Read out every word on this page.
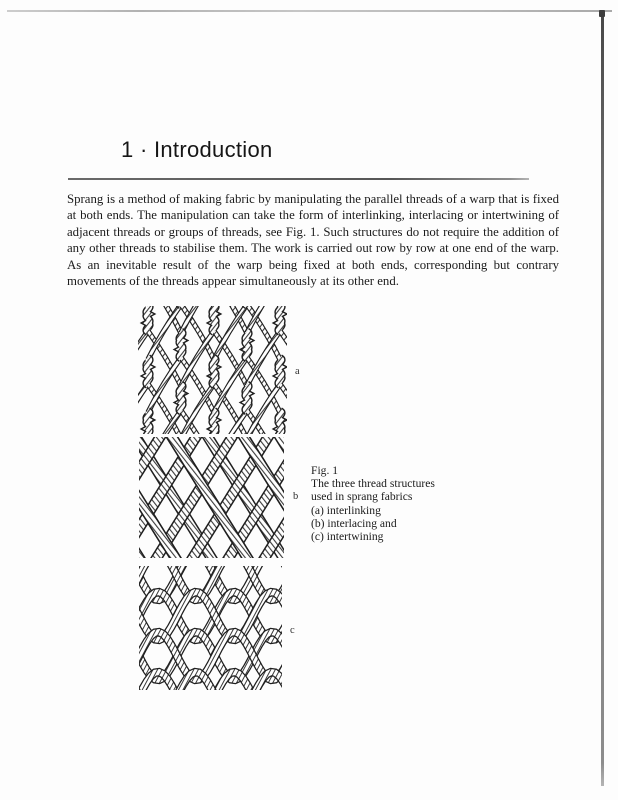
1 · Introduction

Sprang is a method of making fabric by manipulating the parallel threads of a warp that is fixed at both ends. The manipulation can take the form of interlinking, interlacing or intertwining of adjacent threads or groups of threads, see Fig. 1. Such structures do not require the addition of any other threads to stabilise them. The work is carried out row by row at one end of the warp. As an inevitable result of the warp being fixed at both ends, corresponding but contrary movements of the threads appear simultaneously at its other end.

a
b
c
Fig. 1
The three thread structures
used in sprang fabrics
(a) interlinking
(b) interlacing and
(c) intertwining
